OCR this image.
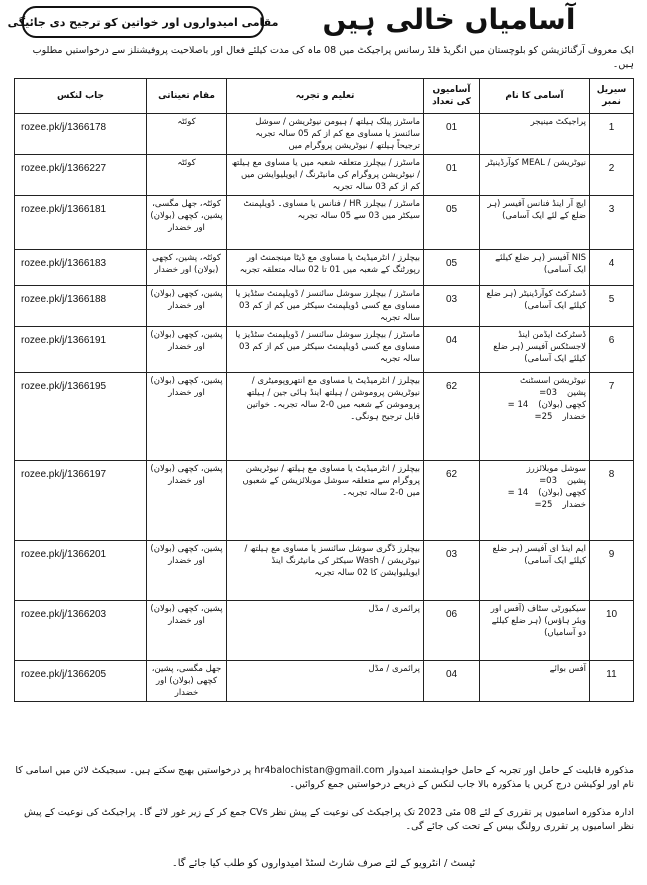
مقامی امیدواروں اور خواتین کو ترجیح دی جائیگی	آسامیاں خالی ہیں
ایک معروف آرگنائزیشن کو بلوچستان میں انگریڈ فلڈ رسانس پراجیکٹ میں 08 ماہ کی مدت کیلئے فعال اور باصلاحیت پروفیشنلز سے درخواستیں مطلوب ہیں۔
سیریل نمبر	آسامی کا نام	آسامیوں کی تعداد	تعلیم و تجربہ	مقام تعیناتی	جاب لنکس
1	پراجیکٹ مینیجر	01	ماسٹرز پبلک ہیلتھ / ہیومن نیوٹریشن / سوشل سائنسز یا مساوی مع کم از کم 05 سالہ تجربہ ترجیحاً ہیلتھ / نیوٹریشن پروگرام میں	کوئٹہ	rozee.pk/j/1366178
2	نیوٹریشن / MEAL کوآرڈینیٹر	01	ماسٹرز / بیچلرز متعلقہ شعبہ میں یا مساوی مع ہیلتھ / نیوٹریشن پروگرام کی مانیٹرنگ / ایویلیوایشن میں کم از کم 03 سالہ تجربہ	کوئٹہ	rozee.pk/j/1366227
3	ایچ آر اینڈ فنانس آفیسر (ہر ضلع کے لئے ایک آسامی)	05	ماسٹرز / بیچلرز HR / فنانس یا مساوی۔ ڈویلپمنٹ سیکٹر میں 03 سے 05 سالہ تجربہ	کوئٹہ، جھل مگسی، پشین، کچھی (بولان) اور خضدار	rozee.pk/j/1366181
4	NIS آفیسر (ہر ضلع کیلئے ایک آسامی)	05	بیچلرز / انٹرمیڈیٹ یا مساوی مع ڈیٹا مینجمنٹ اور رپورٹنگ کے شعبہ میں 01 تا 02 سالہ متعلقہ تجربہ	کوئٹہ، پشین، کچھی (بولان) اور خضدار	rozee.pk/j/1366183
5	ڈسٹرکٹ کوآرڈینیٹر (ہر ضلع کیلئے ایک آسامی)	03	ماسٹرز / بیچلرز سوشل سائنسز / ڈویلپمنٹ سٹڈیز یا مساوی مع کسی ڈویلپمنٹ سیکٹر میں کم از کم 03 سالہ تجربہ	پشین، کچھی (بولان) اور خضدار	rozee.pk/j/1366188
6	ڈسٹرکٹ ایڈمن اینڈ لاجسٹکس آفیسر (ہر ضلع کیلئے ایک آسامی)	04	ماسٹرز / بیچلرز سوشل سائنسز / ڈویلپمنٹ سٹڈیز یا مساوی مع کسی ڈویلپمنٹ سیکٹر میں کم از کم 03 سالہ تجربہ	پشین، کچھی (بولان) اور خضدار	rozee.pk/j/1366191
7	نیوٹریشن اسسٹنٹ
پشین=03
کچھی (بولان)= 14
خضدار=25	62	بیچلرز / انٹرمیڈیٹ یا مساوی مع انتھروپومیٹری / نیوٹریشن پروموشن / ہیلتھ اینڈ ہائی جین / ہیلتھ پروموشن کے شعبہ میں 0-2 سالہ تجربہ۔ خواتین قابل ترجیح ہونگی۔	پشین، کچھی (بولان) اور خضدار	rozee.pk/j/1366195
8	سوشل موبلائزرز
پشین=03
کچھی (بولان)= 14
خضدار=25	62	بیچلرز / انٹرمیڈیٹ یا مساوی مع ہیلتھ / نیوٹریشن پروگرام سے متعلقہ سوشل موبلائزیشن کے شعبوں میں 0-2 سالہ تجربہ۔	پشین، کچھی (بولان) اور خضدار	rozee.pk/j/1366197
9	ایم اینڈ ای آفیسر (ہر ضلع کیلئے ایک آسامی)	03	بیچلرز ڈگری سوشل سائنسز یا مساوی مع ہیلتھ / نیوٹریشن / Wash سیکٹر کی مانیٹرنگ اینڈ ایویلیوایشن کا 02 سالہ تجربہ	پشین، کچھی (بولان) اور خضدار	rozee.pk/j/1366201
10	سیکیورٹی سٹاف (آفس اور ویئر ہاؤس) (ہر ضلع کیلئے دو آسامیاں)	06	پرائمری / مڈل	پشین، کچھی (بولان) اور خضدار	rozee.pk/j/1366203
11	آفس بوائے	04	پرائمری / مڈل	جھل مگسی، پشین، کچھی (بولان) اور خضدار	rozee.pk/j/1366205
مذکورہ قابلیت کے حامل اور تجربہ کے حامل خواہشمند امیدوار hr4balochistan@gmail.com پر درخواستیں بھیج سکتے ہیں۔ سبجیکٹ لائن میں اسامی کا نام اور لوکیشن درج کریں یا مذکورہ بالا جاب لنکس کے ذریعے درخواستیں جمع کروائیں۔
ادارہ مذکورہ اسامیوں پر تقرری کے لئے 08 مئی 2023 تک پراجیکٹ کی نوعیت کے پیش نظر CVs جمع کر کے زیر غور لائے گا۔ پراجیکٹ کی نوعیت کے پیش نظر اسامیوں پر تقرری رولنگ بیس کے تحت کی جائے گی۔
ٹیسٹ / انٹرویو کے لئے صرف شارٹ لسٹڈ امیدواروں کو طلب کیا جائے گا۔
